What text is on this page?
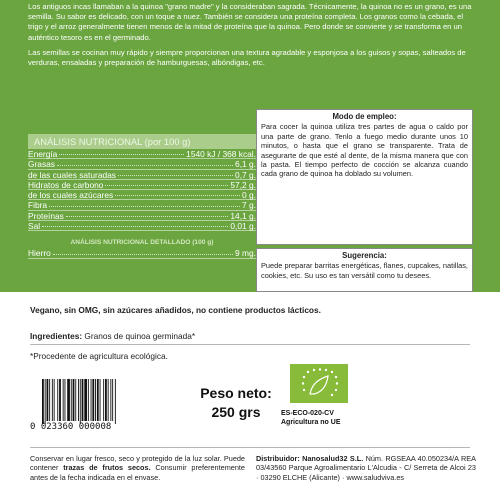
Los antiguos incas llamaban a la quinoa "grano madre" y la consideraban sagrada. Técnicamente, la quinoa no es un grano, es una semilla. Su sabor es delicado, con un toque a nuez. También se considera una proteína completa. Los granos como la cebada, el trigo y el arroz generalmente tienen menos de la mitad de proteína que la quinoa. Pero donde se convierte y se transforma en un auténtico tesoro es en el germinado.

Las semillas se cocinan muy rápido y siempre proporcionan una textura agradable y esponjosa a los guisos y sopas, salteados de verduras, ensaladas y preparación de hamburguesas, albóndigas, etc.

ANÁLISIS NUTRICIONAL (por 100 g)
Energía	1540 kJ / 368 kcal.
Grasas	6,1 g.
de las cuales saturadas	0,7 g.
Hidratos de carbono	57,2 g.
de los cuales azúcares	0 g.
Fibra	7 g.
Proteínas	14,1 g.
Sal	0,01 g.
ANÁLISIS NUTRICIONAL DETALLADO (100 g)
Hierro	9 mg.
Modo de empleo:
Para cocer la quinoa utiliza tres partes de agua o caldo por una parte de grano. Tenlo a fuego medio durante unos 10 minutos, o hasta que el grano se transparente. Trata de asegurarte de que esté al dente, de la misma manera que con la pasta. El tiempo perfecto de cocción se alcanza cuando cada grano de quinoa ha doblado su volumen.
Sugerencia:
Puede preparar barritas energéticas, flanes, cupcakes, natillas, cookies, etc. Su uso es tan versátil como tu desees.
Vegano, sin OMG, sin azúcares añadidos, no contiene productos lácticos.
Ingredientes: Granos de quinoa germinada*
*Procedente de agricultura ecológica.
0 023360 000008
Peso neto:
250 grs	ES-ECO-020-CV
Agricultura no UE
Conservar en lugar fresco, seco y protegido de la luz solar. Puede contener trazas de frutos secos. Consumir preferentemente antes de la fecha indicada en el envase.
Distribuidor: Nanosalud32 S.L. Núm. RGSEAA 40.050234/A REA 03/43560 Parque Agroalimentario L'Alcudia - C/ Serreta de Alcoi 23 · 03290 ELCHE (Alicante) · www.saludviva.es
